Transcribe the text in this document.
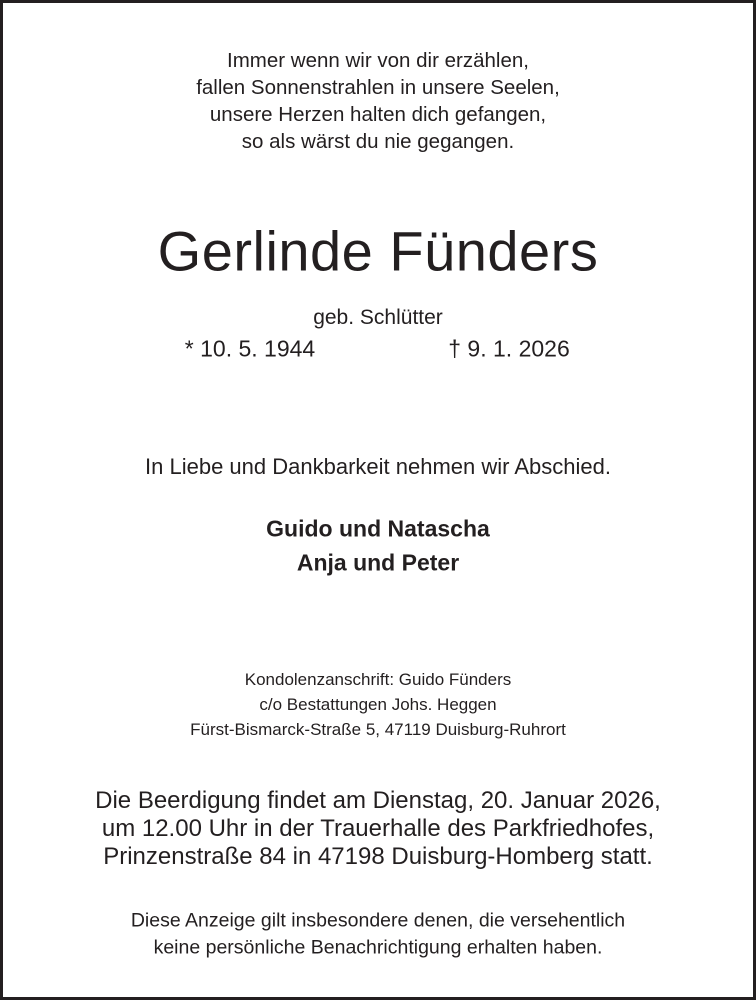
Immer wenn wir von dir erzählen,
fallen Sonnenstrahlen in unsere Seelen,
unsere Herzen halten dich gefangen,
so als wärst du nie gegangen.
Gerlinde Fünders
geb. Schlütter
* 10. 5. 1944	† 9. 1. 2026
In Liebe und Dankbarkeit nehmen wir Abschied.
Guido und Natascha
Anja und Peter
Kondolenzanschrift: Guido Fünders
c/o Bestattungen Johs. Heggen
Fürst-Bismarck-Straße 5, 47119 Duisburg-Ruhrort
Die Beerdigung findet am Dienstag, 20. Januar 2026,
um 12.00 Uhr in der Trauerhalle des Parkfriedhofes,
Prinzenstraße 84 in 47198 Duisburg-Homberg statt.
Diese Anzeige gilt insbesondere denen, die versehentlich
keine persönliche Benachrichtigung erhalten haben.
